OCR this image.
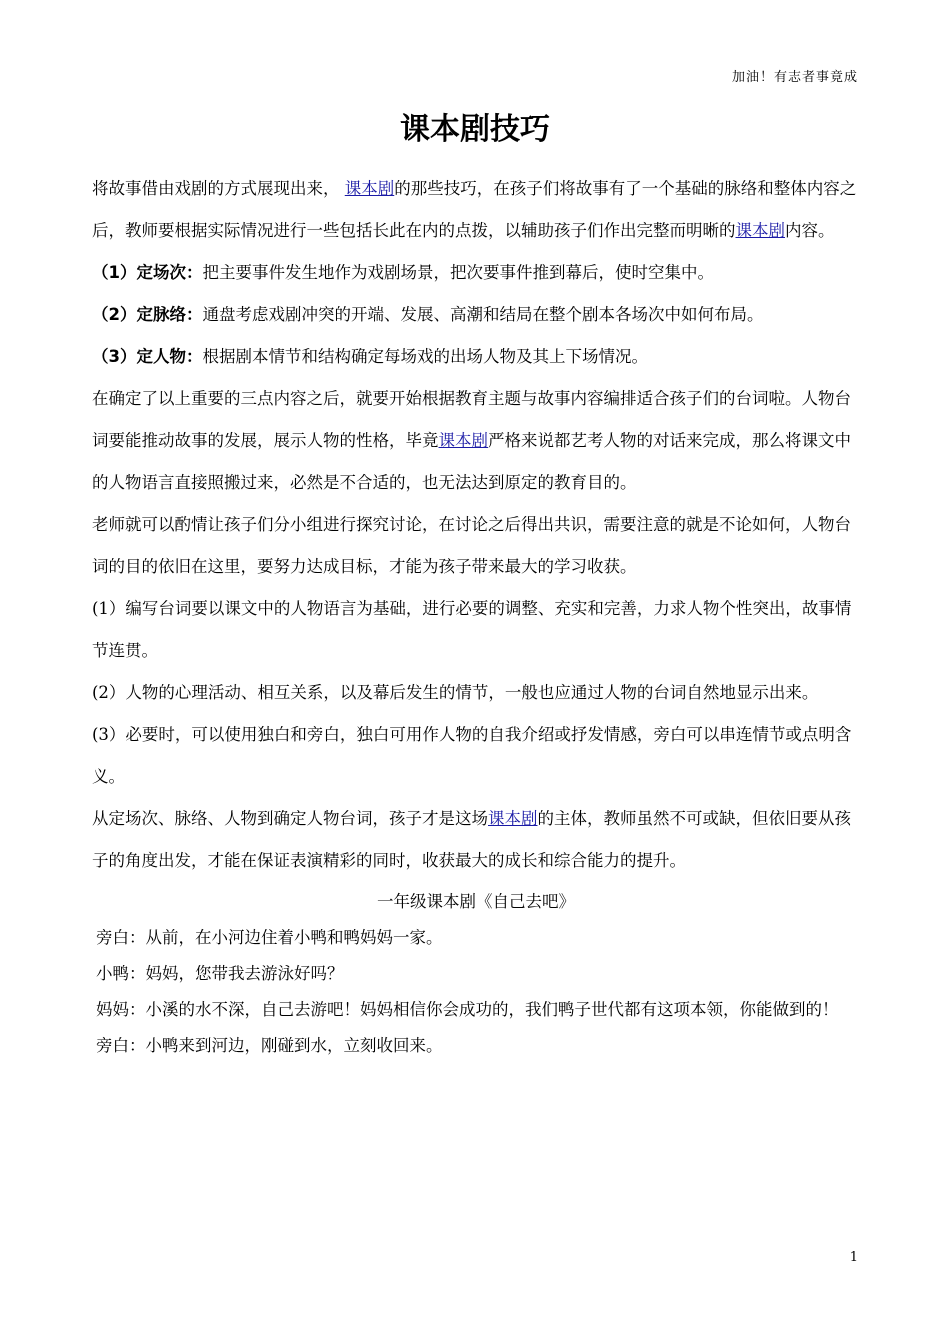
加油！有志者事竟成
课本剧技巧

将故事借由戏剧的方式展现出来， 课本剧的那些技巧，在孩子们将故事有了一个基础的脉络和整体内容之后，教师要根据实际情况进行一些包括长此在内的点拨，以辅助孩子们作出完整而明晰的课本剧内容。

（1）定场次：把主要事件发生地作为戏剧场景，把次要事件推到幕后，使时空集中。

（2）定脉络：通盘考虑戏剧冲突的开端、发展、高潮和结局在整个剧本各场次中如何布局。

（3）定人物：根据剧本情节和结构确定每场戏的出场人物及其上下场情况。

在确定了以上重要的三点内容之后，就要开始根据教育主题与故事内容编排适合孩子们的台词啦。人物台词要能推动故事的发展，展示人物的性格，毕竟课本剧严格来说都艺考人物的对话来完成，那么将课文中的人物语言直接照搬过来，必然是不合适的，也无法达到原定的教育目的。

老师就可以酌情让孩子们分小组进行探究讨论，在讨论之后得出共识，需要注意的就是不论如何，人物台词的目的依旧在这里，要努力达成目标，才能为孩子带来最大的学习收获。

(1）编写台词要以课文中的人物语言为基础，进行必要的调整、充实和完善，力求人物个性突出，故事情节连贯。

(2）人物的心理活动、相互关系，以及幕后发生的情节，一般也应通过人物的台词自然地显示出来。

(3）必要时，可以使用独白和旁白，独白可用作人物的自我介绍或抒发情感，旁白可以串连情节或点明含义。

从定场次、脉络、人物到确定人物台词，孩子才是这场课本剧的主体，教师虽然不可或缺，但依旧要从孩子的角度出发，才能在保证表演精彩的同时，收获最大的成长和综合能力的提升。

一年级课本剧《自己去吧》

旁白：从前，在小河边住着小鸭和鸭妈妈一家。

小鸭：妈妈，您带我去游泳好吗？

妈妈：小溪的水不深，自己去游吧！妈妈相信你会成功的，我们鸭子世代都有这项本领，你能做到的！

旁白：小鸭来到河边，刚碰到水，立刻收回来。

1
